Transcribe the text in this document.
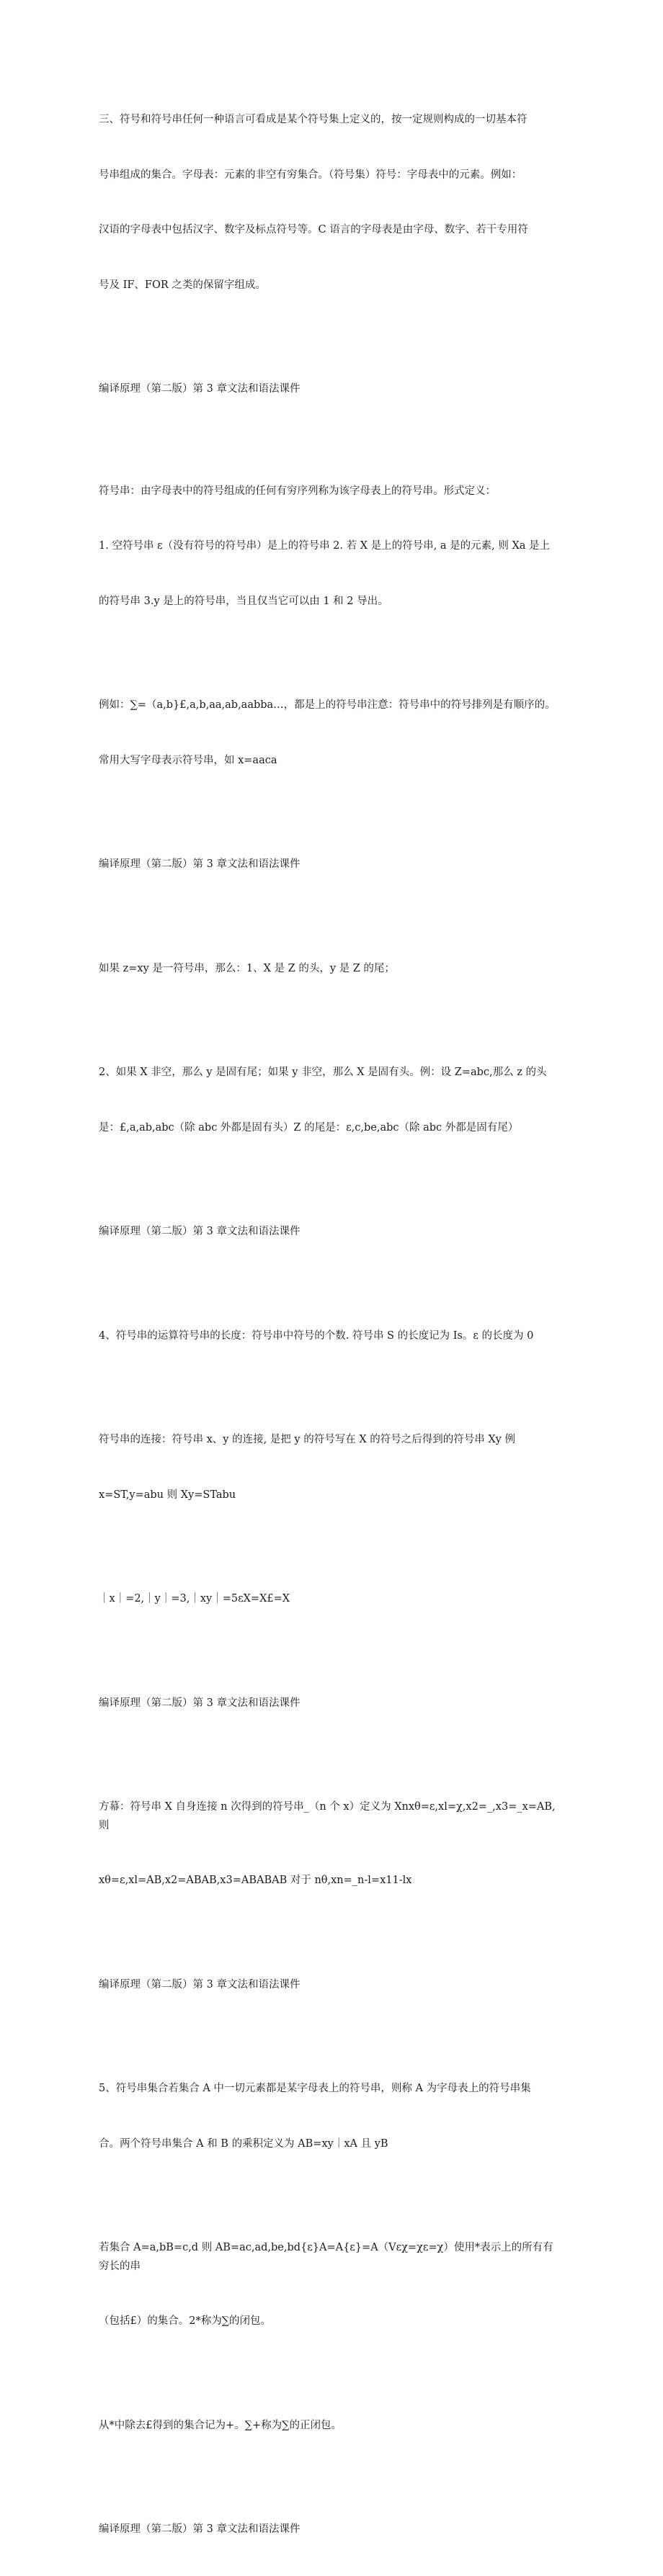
三、符号和符号串任何一种语言可看成是某个符号集上定义的，按一定规则构成的一切基本符

号串组成的集合。字母表：元素的非空有穷集合。（符号集）符号：字母表中的元素。例如：

汉语的字母表中包括汉字、数字及标点符号等。C 语言的字母表是由字母、数字、若干专用符

号及 IF、FOR 之类的保留字组成。

编译原理（第二版）第 3 章文法和语法课件

符号串：由字母表中的符号组成的任何有穷序列称为该字母表上的符号串。形式定义：

1. 空符号串 ε（没有符号的符号串）是上的符号串 2. 若 X 是上的符号串, a 是的元素, 则 Xa 是上

的符号串 3.y 是上的符号串，当且仅当它可以由 1 和 2 导出。

例如：∑=（a,b}£,a,b,aa,ab,aabba…，都是上的符号串注意：符号串中的符号排列是有顺序的。

常用大写字母表示符号串，如 x=aaca

编译原理（第二版）第 3 章文法和语法课件

如果 z=xy 是一符号串，那么：1、X 是 Z 的头，y 是 Z 的尾；

2、如果 X 非空，那么 y 是固有尾；如果 y 非空，那么 X 是固有头。例：设 Z=abc,那么 z 的头

是：£,a,ab,abc（除 abc 外都是固有头）Z 的尾是：ε,c,be,abc（除 abc 外都是固有尾）

编译原理（第二版）第 3 章文法和语法课件

4、符号串的运算符号串的长度：符号串中符号的个数. 符号串 S 的长度记为 Is。ε 的长度为 0

符号串的连接：符号串 x、y 的连接, 是把 y 的符号写在 X 的符号之后得到的符号串 Xy 例

x=ST,y=abu 则 Xy=STabu

｜x｜=2,｜y｜=3,｜xy｜=5εX=X£=X

编译原理（第二版）第 3 章文法和语法课件

方幕：符号串 X 自身连接 n 次得到的符号串_（n 个 x）定义为 Xnxθ=ε,xl=χ,x2=_,x3=_x=AB,则

xθ=ε,xl=AB,x2=ABAB,x3=ABABAB 对于 nθ,xn=_n-l=x11-lx

编译原理（第二版）第 3 章文法和语法课件

5、符号串集合若集合 A 中一切元素都是某字母表上的符号串，则称 A 为字母表上的符号串集

合。两个符号串集合 A 和 B 的乘积定义为 AB=xy｜xA 且 yB

若集合 A=a,bB=c,d 则 AB=ac,ad,be,bd{ε}A=A{ε}=A（Vεχ=χε=χ）使用*表示上的所有有穷长的串

（包括£）的集合。2*称为∑的闭包。

从*中除去£得到的集合记为+。∑+称为∑的正闭包。

编译原理（第二版）第 3 章文法和语法课件
